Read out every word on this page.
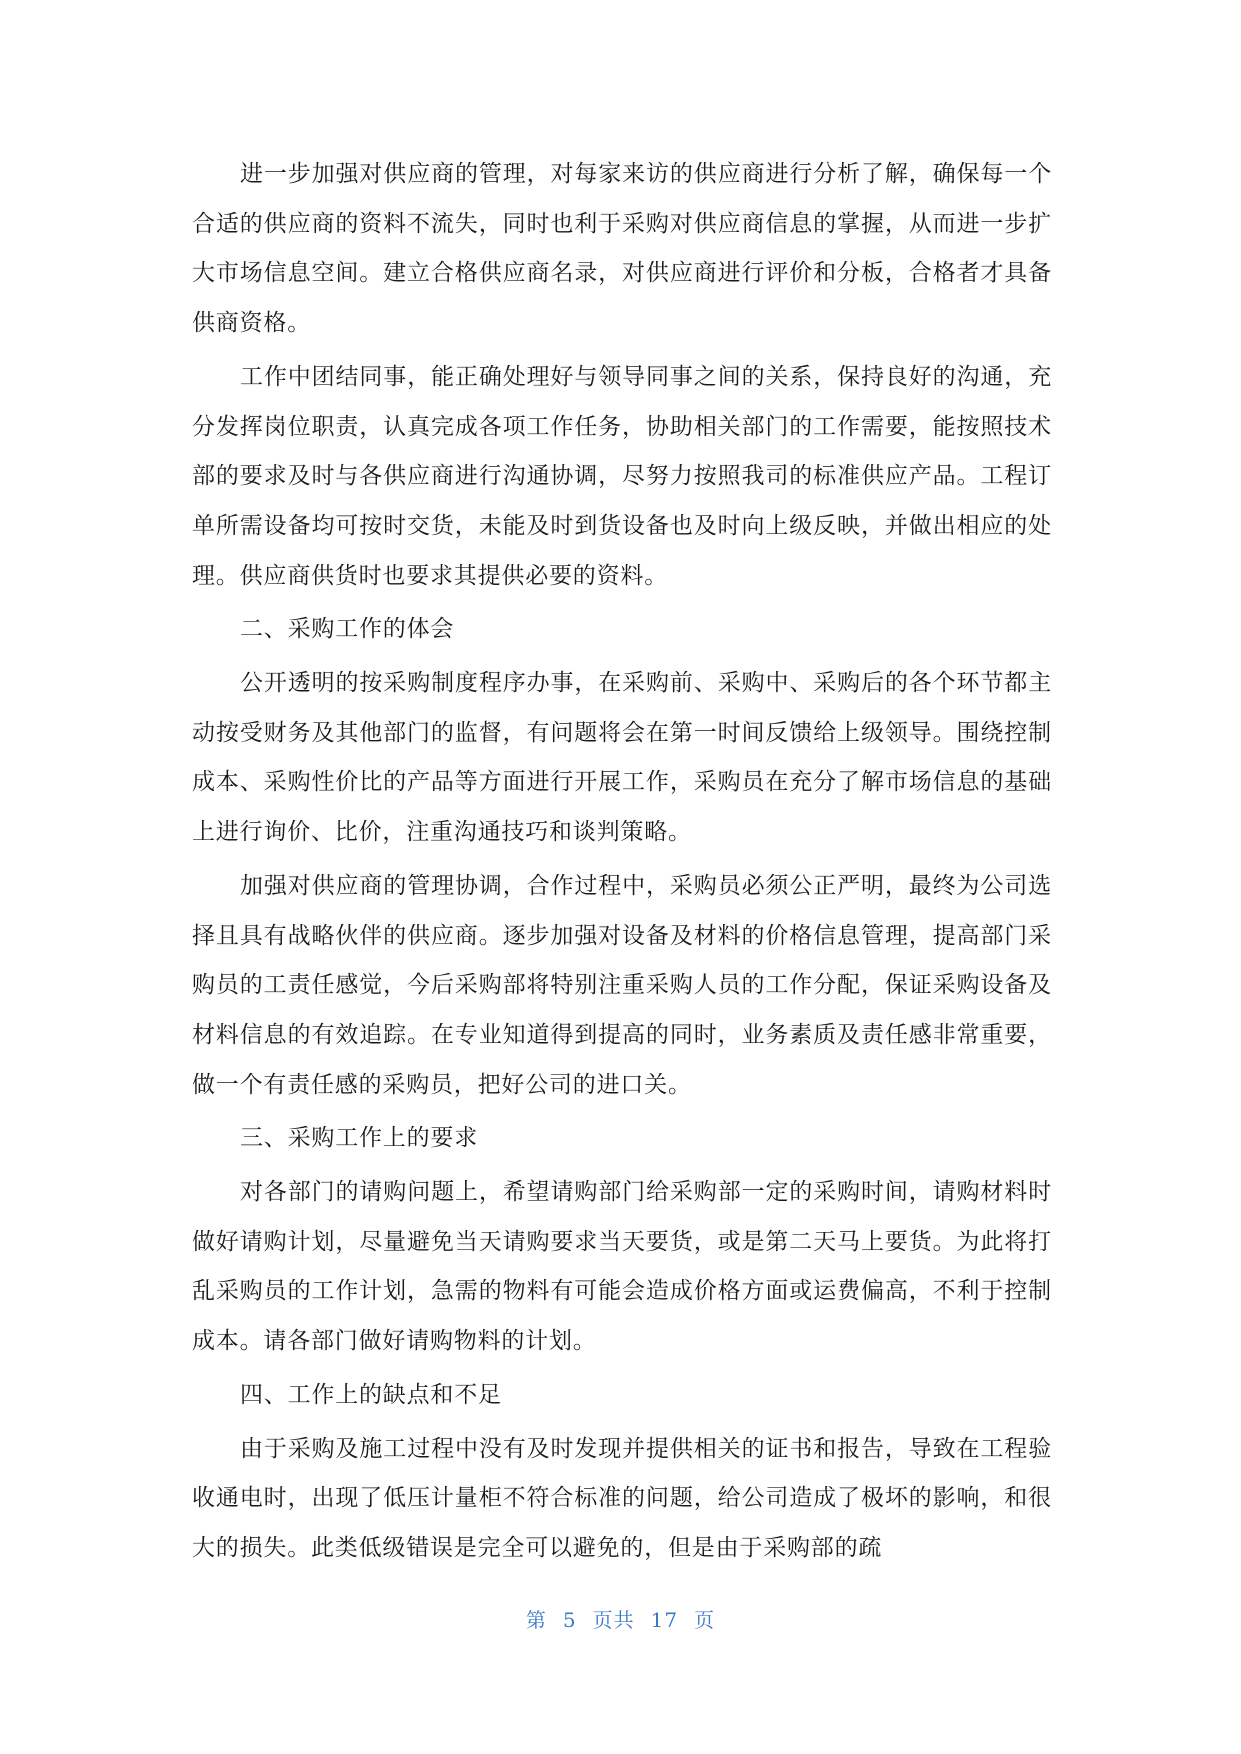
进一步加强对供应商的管理，对每家来访的供应商进行分析了解，确保每一个合适的供应商的资料不流失，同时也利于采购对供应商信息的掌握，从而进一步扩大市场信息空间。建立合格供应商名录，对供应商进行评价和分板，合格者才具备供商资格。

工作中团结同事，能正确处理好与领导同事之间的关系，保持良好的沟通，充分发挥岗位职责，认真完成各项工作任务，协助相关部门的工作需要，能按照技术部的要求及时与各供应商进行沟通协调，尽努力按照我司的标准供应产品。工程订单所需设备均可按时交货，未能及时到货设备也及时向上级反映，并做出相应的处理。供应商供货时也要求其提供必要的资料。

二、采购工作的体会

公开透明的按采购制度程序办事，在采购前、采购中、采购后的各个环节都主动按受财务及其他部门的监督，有问题将会在第一时间反馈给上级领导。围绕控制成本、采购性价比的产品等方面进行开展工作，采购员在充分了解市场信息的基础上进行询价、比价，注重沟通技巧和谈判策略。

加强对供应商的管理协调，合作过程中，采购员必须公正严明，最终为公司选择且具有战略伙伴的供应商。逐步加强对设备及材料的价格信息管理，提高部门采购员的工责任感觉，今后采购部将特别注重采购人员的工作分配，保证采购设备及材料信息的有效追踪。在专业知道得到提高的同时，业务素质及责任感非常重要，做一个有责任感的采购员，把好公司的进口关。

三、采购工作上的要求

对各部门的请购问题上，希望请购部门给采购部一定的采购时间，请购材料时做好请购计划，尽量避免当天请购要求当天要货，或是第二天马上要货。为此将打乱采购员的工作计划，急需的物料有可能会造成价格方面或运费偏高，不利于控制成本。请各部门做好请购物料的计划。

四、工作上的缺点和不足

由于采购及施工过程中没有及时发现并提供相关的证书和报告，导致在工程验收通电时，出现了低压计量柜不符合标准的问题，给公司造成了极坏的影响，和很大的损失。此类低级错误是完全可以避免的，但是由于采购部的疏

第 5 页共 17 页
